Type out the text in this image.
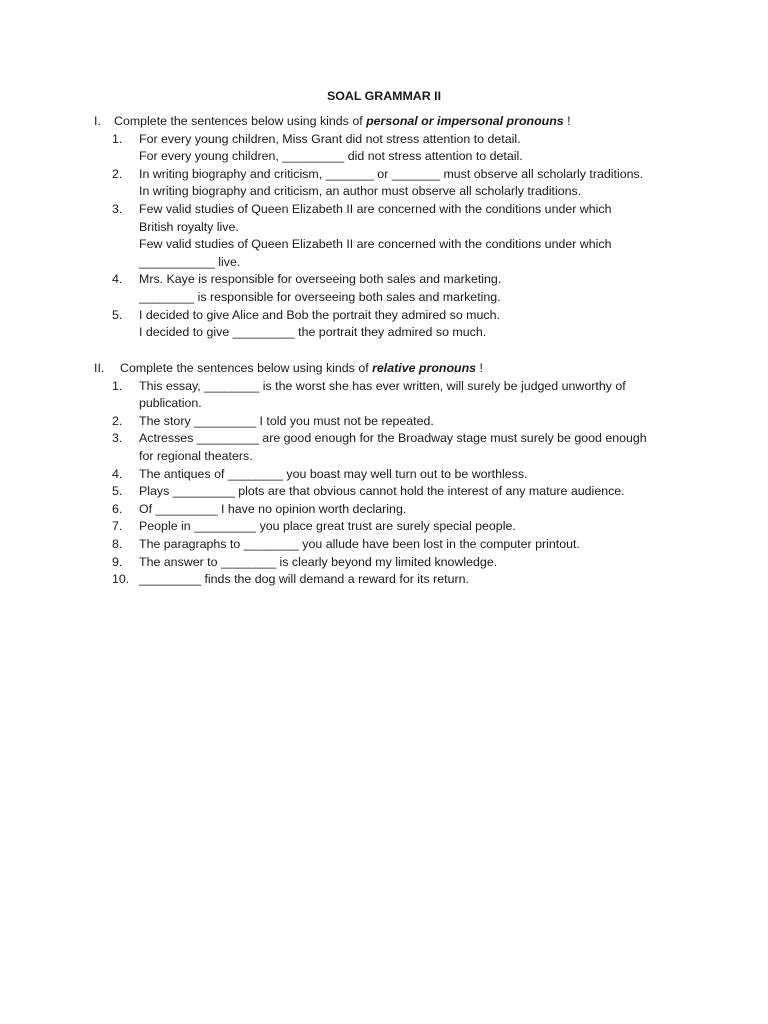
SOAL GRAMMAR II
I.	Complete the sentences below using kinds of personal or impersonal pronouns !
1.	For every young children, Miss Grant did not stress attention to detail.
For every young children, _________ did not stress attention to detail.
2.	In writing biography and criticism, _______ or _______ must observe all scholarly traditions.
In writing biography and criticism, an author must observe all scholarly traditions.
3.	Few valid studies of Queen Elizabeth II are concerned with the conditions under which
British royalty live.
Few valid studies of Queen Elizabeth II are concerned with the conditions under which
___________ live.
4.	Mrs. Kaye is responsible for overseeing both sales and marketing.
________ is responsible for overseeing both sales and marketing.
5.	I decided to give Alice and Bob the portrait they admired so much.
I decided to give _________ the portrait they admired so much.
II.	Complete the sentences below using kinds of relative pronouns !
1.	This essay, ________ is the worst she has ever written, will surely be judged unworthy of
publication.
2.	The story _________ I told you must not be repeated.
3.	Actresses _________ are good enough for the Broadway stage must surely be good enough
for regional theaters.
4.	The antiques of ________ you boast may well turn out to be worthless.
5.	Plays _________ plots are that obvious cannot hold the interest of any mature audience.
6.	Of _________ I have no opinion worth declaring.
7.	People in _________ you place great trust are surely special people.
8.	The paragraphs to ________ you allude have been lost in the computer printout.
9.	The answer to ________ is clearly beyond my limited knowledge.
10. _________ finds the dog will demand a reward for its return.
